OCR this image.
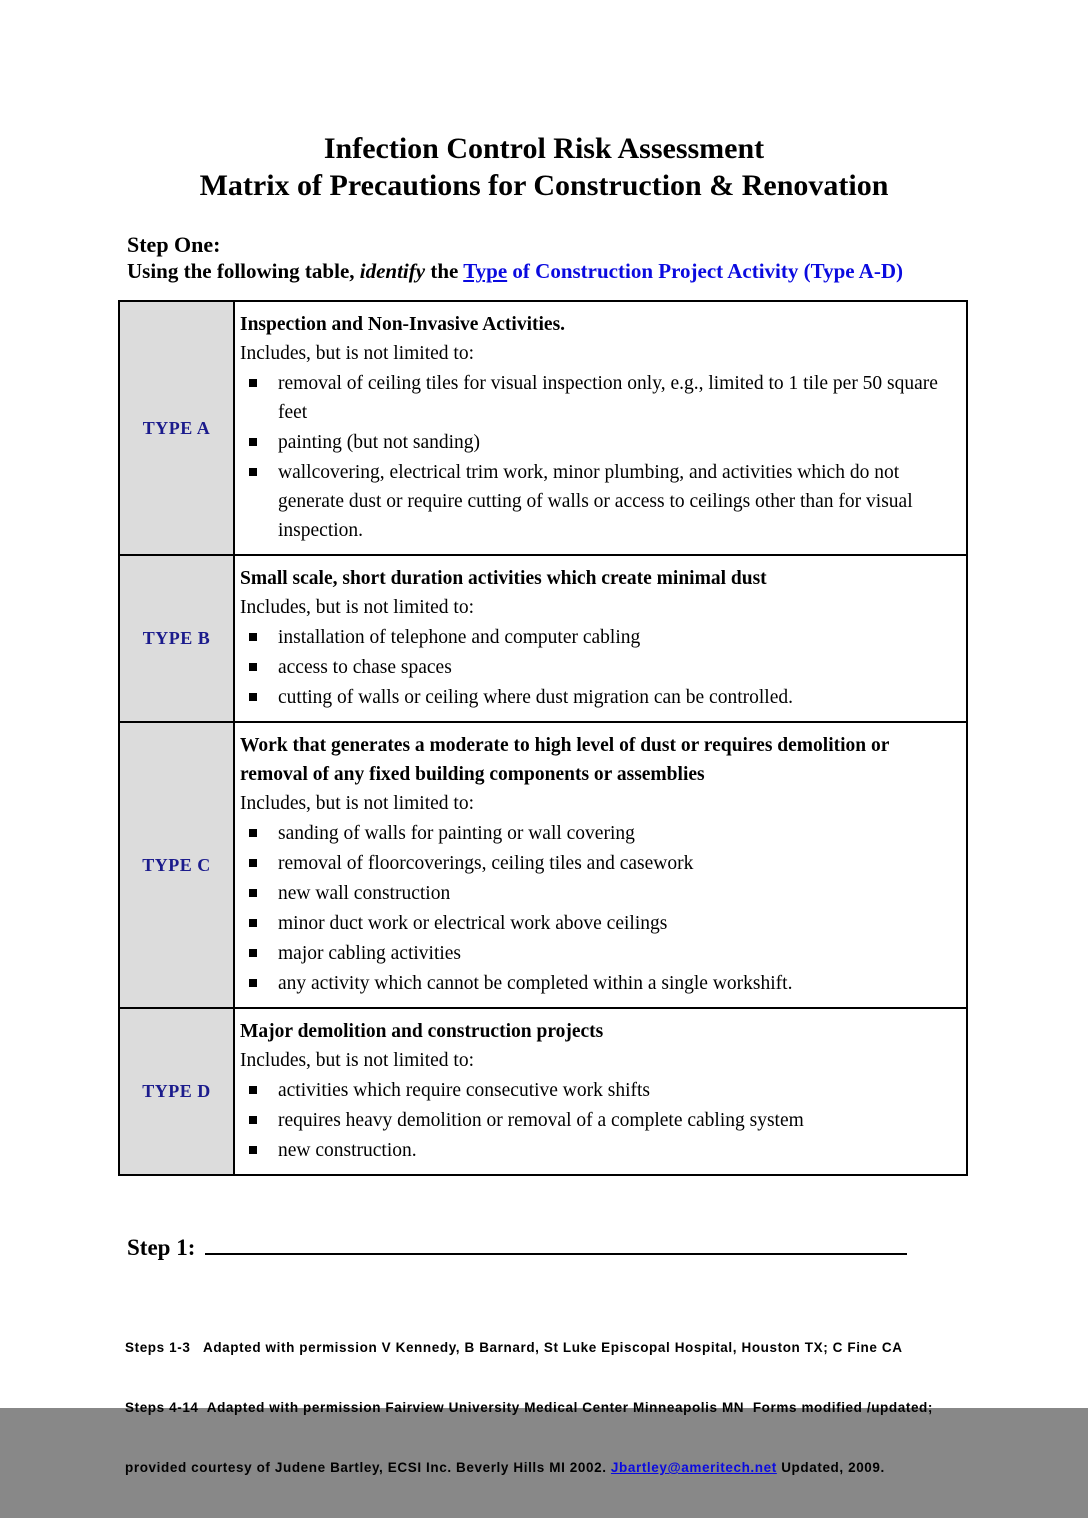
Infection Control Risk Assessment
Matrix of Precautions for Construction & Renovation
Step One:
Using the following table, identify the Type of Construction Project Activity (Type A-D)
TYPE A	Inspection and Non-Invasive Activities.
Includes, but is not limited to:
removal of ceiling tiles for visual inspection only, e.g., limited to 1 tile per 50 square feet
painting (but not sanding)
wallcovering, electrical trim work, minor plumbing, and activities which do not generate dust or require cutting of walls or access to ceilings other than for visual inspection.

TYPE B	Small scale, short duration activities which create minimal dust
Includes, but is not limited to:
installation of telephone and computer cabling
access to chase spaces
cutting of walls or ceiling where dust migration can be controlled.

TYPE C	
Work that generates a moderate to high level of dust or requires demolition or removal of any fixed building components or assemblies
Includes, but is not limited to:
sanding of walls for painting or wall covering
removal of floorcoverings, ceiling tiles and casework
new wall construction
minor duct work or electrical work above ceilings
major cabling activities
any activity which cannot be completed within a single workshift.

TYPE D	Major demolition and construction projects
Includes, but is not limited to:
activities which require consecutive work shifts
requires heavy demolition or removal of a complete cabling system
new construction.
Step 1:

Steps 1-3   Adapted with permission V Kennedy, B Barnard, St Luke Episcopal Hospital, Houston TX; C Fine CA

Steps 4-14  Adapted with permission Fairview University Medical Center Minneapolis MN  Forms modified /updated;

provided courtesy of Judene Bartley, ECSI Inc. Beverly Hills MI 2002. Jbartley@ameritech.net Updated, 2009.
